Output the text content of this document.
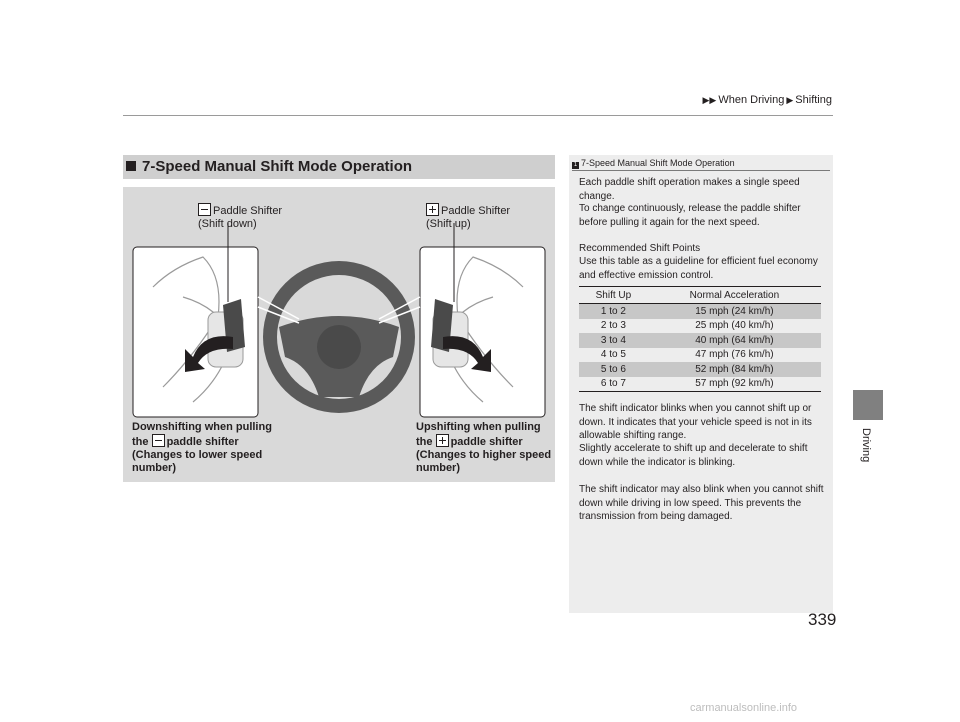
▶▶ When Driving ▶ Shifting
Driving
7-Speed Manual Shift Mode Operation
Paddle Shifter
(Shift down)
Paddle Shifter
(Shift up)
Downshifting when pulling
the paddle shifter
(Changes to lower speed
number)
Upshifting when pulling
the paddle shifter
(Changes to higher speed
number)
1 7-Speed Manual Shift Mode Operation
Each paddle shift operation makes a single speed change.
To change continuously, release the paddle shifter before pulling it again for the next speed.
Recommended Shift Points
Use this table as a guideline for efficient fuel economy and effective emission control.
Shift Up	Normal Acceleration
1 to 2	15 mph (24 km/h)
2 to 3	25 mph (40 km/h)
3 to 4	40 mph (64 km/h)
4 to 5	47 mph (76 km/h)
5 to 6	52 mph (84 km/h)
6 to 7	57 mph (92 km/h)
The shift indicator blinks when you cannot shift up or down. It indicates that your vehicle speed is not in its allowable shifting range.
Slightly accelerate to shift up and decelerate to shift down while the indicator is blinking.
The shift indicator may also blink when you cannot shift down while driving in low speed. This prevents the transmission from being damaged.
339
carmanualsonline.info
